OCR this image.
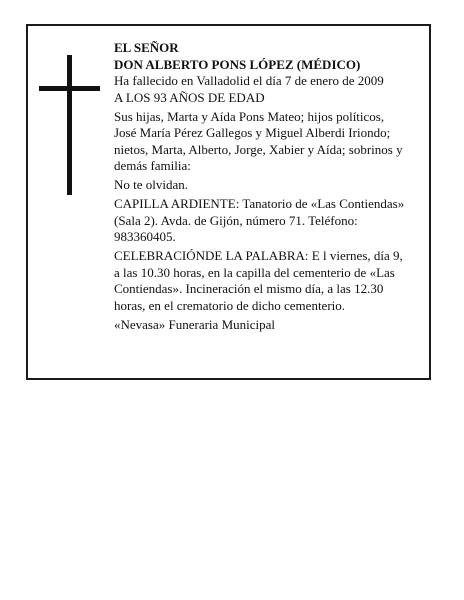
EL SEÑOR

DON ALBERTO PONS LÓPEZ (MÉDICO)

Ha fallecido en Valladolid el día 7 de enero de 2009

A LOS 93 AÑOS DE EDAD

Sus hijas, Marta y Aída Pons Mateo; hijos políticos,

José María Pérez Gallegos y Miguel Alberdi Iriondo;

nietos, Marta, Alberto, Jorge, Xabier y Aída; sobrinos y

demás familia:

No te olvidan.

CAPILLA ARDIENTE: Tanatorio de «Las Contiendas»

(Sala 2). Avda. de Gijón, número 71. Teléfono:

983360405.

CELEBRACIÓNDE LA PALABRA: E l viernes, día 9,

a las 10.30 horas, en la capilla del cementerio de «Las

Contiendas». Incineración el mismo día, a las 12.30

horas, en el crematorio de dicho cementerio.

«Nevasa» Funeraria Municipal
